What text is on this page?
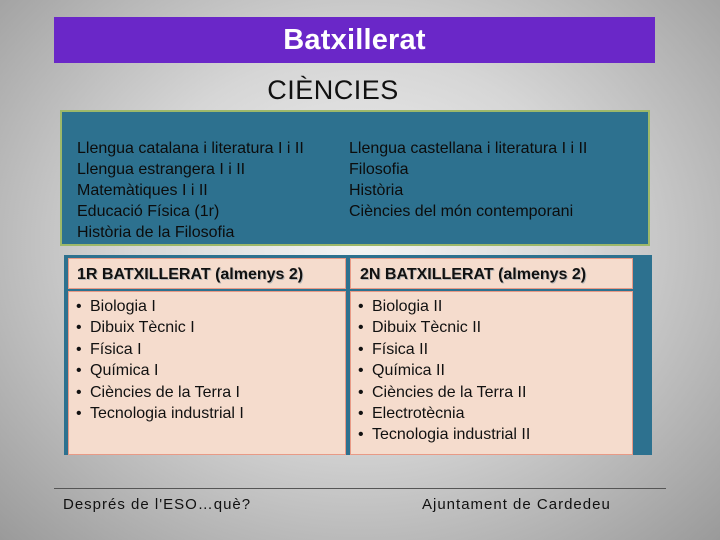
Batxillerat
CIÈNCIES
Llengua catalana i literatura I i II
Llengua estrangera I i II
Matemàtiques I i II
Educació Física (1r)
Història de la Filosofia
Llengua castellana i literatura I i II
Filosofia
Història
Ciències del món contemporani
1R BATXILLERAT (almenys 2)	2N BATXILLERAT (almenys 2)
• Biologia I
• Dibuix Tècnic I
• Física I
• Química I
• Ciències de la Terra I
• Tecnologia industrial I
• Biologia II
• Dibuix Tècnic II
• Física II
• Química II
• Ciències de la Terra II
• Electrotècnia
• Tecnologia industrial II
Després de l'ESO…què?	Ajuntament de Cardedeu
